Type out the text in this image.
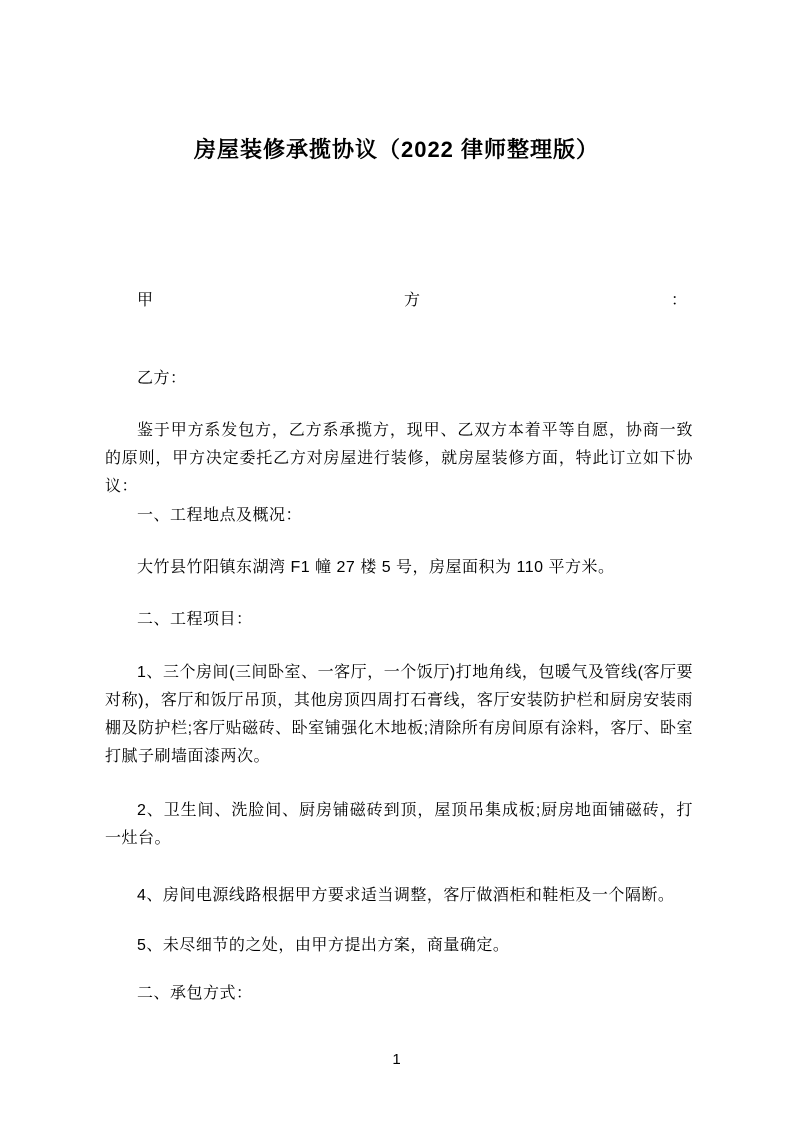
房屋装修承揽协议（2022 律师整理版）
甲	方	：
乙方：
鉴于甲方系发包方，乙方系承揽方，现甲、乙双方本着平等自愿，协商一致的原则，甲方决定委托乙方对房屋进行装修，就房屋装修方面，特此订立如下协议：
一、工程地点及概况：
大竹县竹阳镇东湖湾 F1 幢 27 楼 5 号，房屋面积为 110 平方米。
二、工程项目：
1、三个房间(三间卧室、一客厅，一个饭厅)打地角线，包暖气及管线(客厅要对称)，客厅和饭厅吊顶，其他房顶四周打石膏线，客厅安装防护栏和厨房安装雨棚及防护栏;客厅贴磁砖、卧室铺强化木地板;清除所有房间原有涂料，客厅、卧室打腻子刷墙面漆两次。
2、卫生间、洗脸间、厨房铺磁砖到顶，屋顶吊集成板;厨房地面铺磁砖，打一灶台。
4、房间电源线路根据甲方要求适当调整，客厅做酒柜和鞋柜及一个隔断。
5、未尽细节的之处，由甲方提出方案，商量确定。
二、承包方式：
1
